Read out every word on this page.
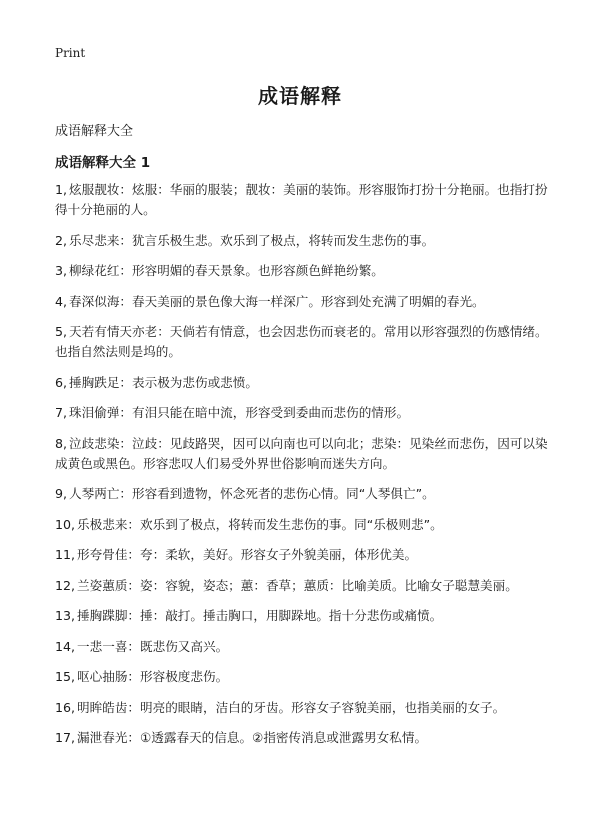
Print
成语解释
成语解释大全
成语解释大全 1

1, 炫服靓妆：炫服：华丽的服装；靓妆：美丽的装饰。形容服饰打扮十分艳丽。也指打扮得十分艳丽的人。

2, 乐尽悲来：犹言乐极生悲。欢乐到了极点，将转而发生悲伤的事。

3, 柳绿花红：形容明媚的春天景象。也形容颜色鲜艳纷繁。

4, 春深似海：春天美丽的景色像大海一样深广。形容到处充满了明媚的春光。

5, 天若有情天亦老：天倘若有情意，也会因悲伤而衰老的。常用以形容强烈的伤感情绪。也指自然法则是坞的。

6, 捶胸跌足：表示极为悲伤或悲愤。

7, 珠泪偷弹：有泪只能在暗中流，形容受到委曲而悲伤的情形。

8, 泣歧悲染：泣歧：见歧路哭，因可以向南也可以向北；悲染：见染丝而悲伤，因可以染成黄色或黑色。形容悲叹人们易受外界世俗影响而迷失方向。

9, 人琴两亡：形容看到遗物，怀念死者的悲伤心情。同“人琴俱亡”。

10, 乐极悲来：欢乐到了极点，将转而发生悲伤的事。同“乐极则悲”。

11, 形夸骨佳：夸：柔软，美好。形容女子外貌美丽，体形优美。

12, 兰姿蕙质：姿：容貌，姿态；蕙：香草；蕙质：比喻美质。比喻女子聪慧美丽。

13, 捶胸蹀脚：捶：敲打。捶击胸口，用脚跺地。指十分悲伤或痛愤。

14, 一悲一喜：既悲伤又高兴。

15, 呕心抽肠：形容极度悲伤。

16, 明眸皓齿：明亮的眼睛，洁白的牙齿。形容女子容貌美丽，也指美丽的女子。

17, 漏泄春光：①透露春天的信息。②指密传消息或泄露男女私情。
